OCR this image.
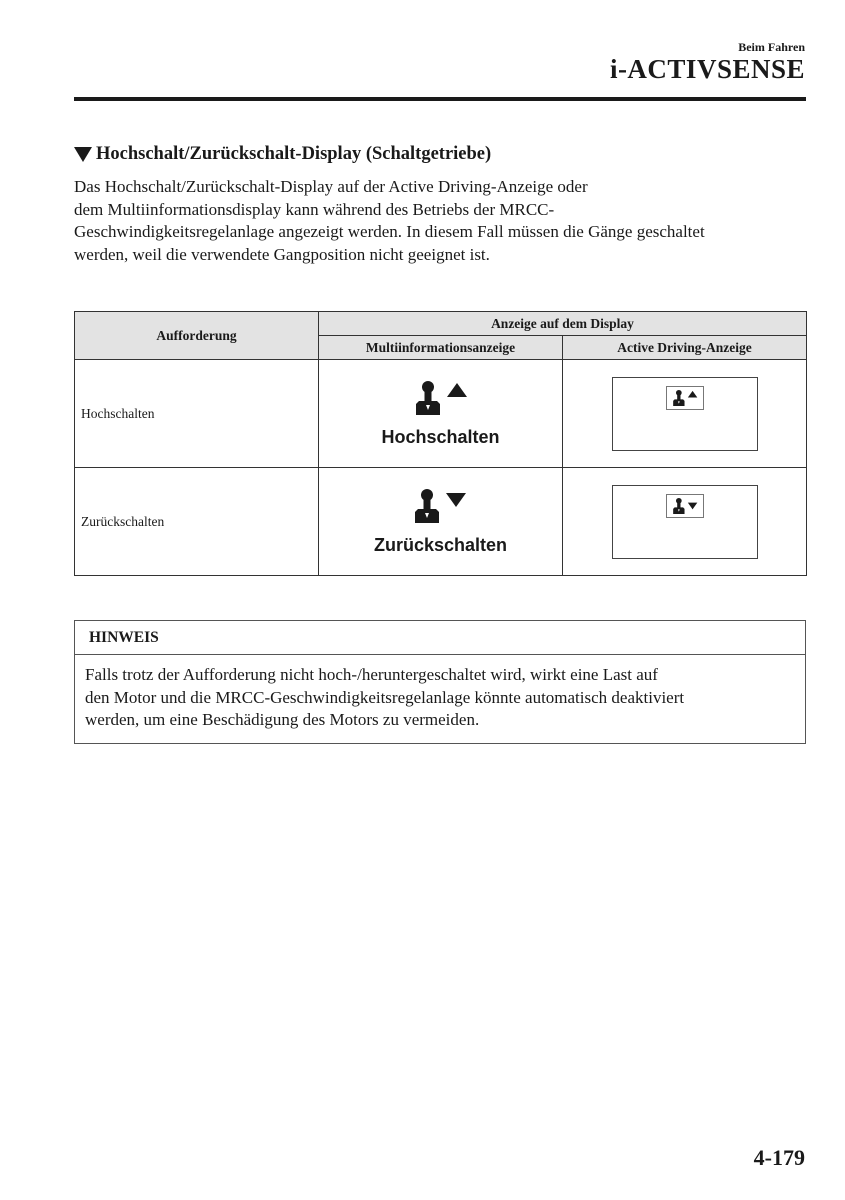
Beim Fahren
i-ACTIVSENSE
Hochschalt/Zurückschalt-Display (Schaltgetriebe)
Das Hochschalt/Zurückschalt-Display auf der Active Driving-Anzeige oder
dem Multiinformationsdisplay kann während des Betriebs der MRCC-
Geschwindigkeitsregelanlage angezeigt werden. In diesem Fall müssen die Gänge geschaltet
werden, weil die verwendete Gangposition nicht geeignet ist.
Aufforderung	Anzeige auf dem Display	
	Multiinformationsanzeige	Active Driving-Anzeige
Hochschalten	Hochschalten

Zurückschalten	Zurückschalten

HINWEIS
Falls trotz der Aufforderung nicht hoch-/heruntergeschaltet wird, wirkt eine Last auf
den Motor und die MRCC-Geschwindigkeitsregelanlage könnte automatisch deaktiviert
werden, um eine Beschädigung des Motors zu vermeiden.
4-179
